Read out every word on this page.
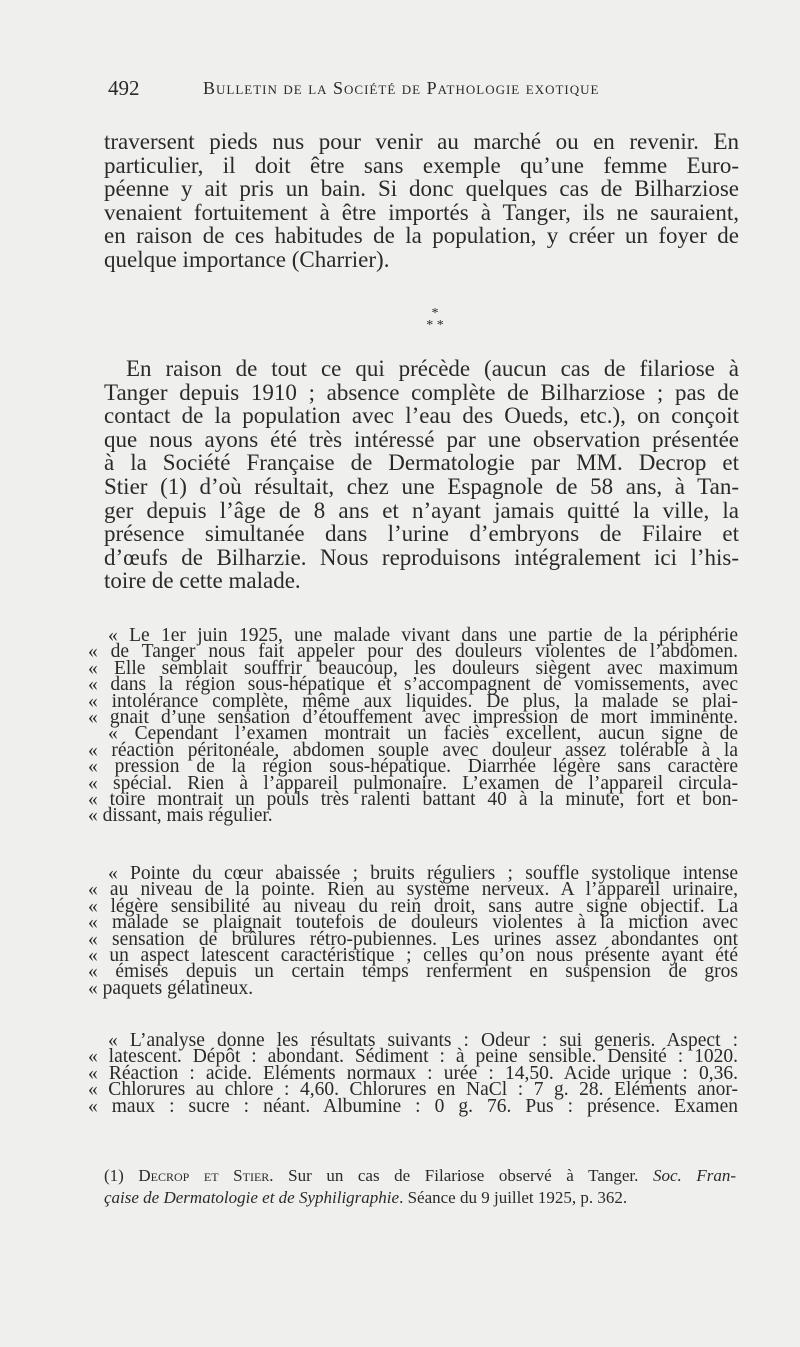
492	Bulletin de la Société de Pathologie exotique
traversent pieds nus pour venir au marché ou en revenir. En
particulier, il doit être sans exemple qu’une femme Euro-
péenne y ait pris un bain. Si donc quelques cas de Bilharziose
venaient fortuitement à être importés à Tanger, ils ne sauraient,
en raison de ces habitudes de la population, y créer un foyer de
quelque importance (Charrier).
*
* *
En raison de tout ce qui précède (aucun cas de filariose à
Tanger depuis 1910 ; absence complète de Bilharziose ; pas de
contact de la population avec l’eau des Oueds, etc.), on conçoit
que nous ayons été très intéressé par une observation présentée
à la Société Française de Dermatologie par MM. Decrop et
Stier (1) d’où résultait, chez une Espagnole de 58 ans, à Tan-
ger depuis l’âge de 8 ans et n’ayant jamais quitté la ville, la
présence simultanée dans l’urine d’embryons de Filaire et
d’œufs de Bilharzie. Nous reproduisons intégralement ici l’his-
toire de cette malade.
« Le 1er juin 1925, une malade vivant dans une partie de la périphérie
« de Tanger nous fait appeler pour des douleurs violentes de l’abdomen.
« Elle semblait souffrir beaucoup, les douleurs siègent avec maximum
« dans la région sous-hépatique et s’accompagnent de vomissements, avec
« intolérance complète, même aux liquides. De plus, la malade se plai-
« gnait d’une sensation d’étouffement avec impression de mort imminente.
« Cependant l’examen montrait un faciès excellent, aucun signe de
« réaction péritonéale, abdomen souple avec douleur assez tolérable à la
« pression de la région sous-hépatique. Diarrhée légère sans caractère
« spécial. Rien à l’appareil pulmonaire. L’examen de l’appareil circula-
« toire montrait un pouls très ralenti battant 40 à la minute, fort et bon-
« dissant, mais régulier.
« Pointe du cœur abaissée ; bruits réguliers ; souffle systolique intense
« au niveau de la pointe. Rien au système nerveux. A l’appareil urinaire,
« légère sensibilité au niveau du rein droit, sans autre signe objectif. La
« malade se plaignait toutefois de douleurs violentes à la miction avec
« sensation de brûlures rétro-pubiennes. Les urines assez abondantes ont
« un aspect latescent caractéristique ; celles qu’on nous présente ayant été
« émises depuis un certain temps renferment en suspension de gros
« paquets gélatineux.
« L’analyse donne les résultats suivants : Odeur : sui generis. Aspect :
« latescent. Dépôt : abondant. Sédiment : à peine sensible. Densité : 1020.
« Réaction : acide. Eléments normaux : urée : 14,50. Acide urique : 0,36.
« Chlorures au chlore : 4,60. Chlorures en NaCl : 7 g. 28. Eléments anor-
« maux : sucre : néant. Albumine : 0 g. 76. Pus : présence. Examen
(1) Decrop et Stier. Sur un cas de Filariose observé à Tanger. Soc. Fran-
çaise de Dermatologie et de Syphiligraphie. Séance du 9 juillet 1925, p. 362.
